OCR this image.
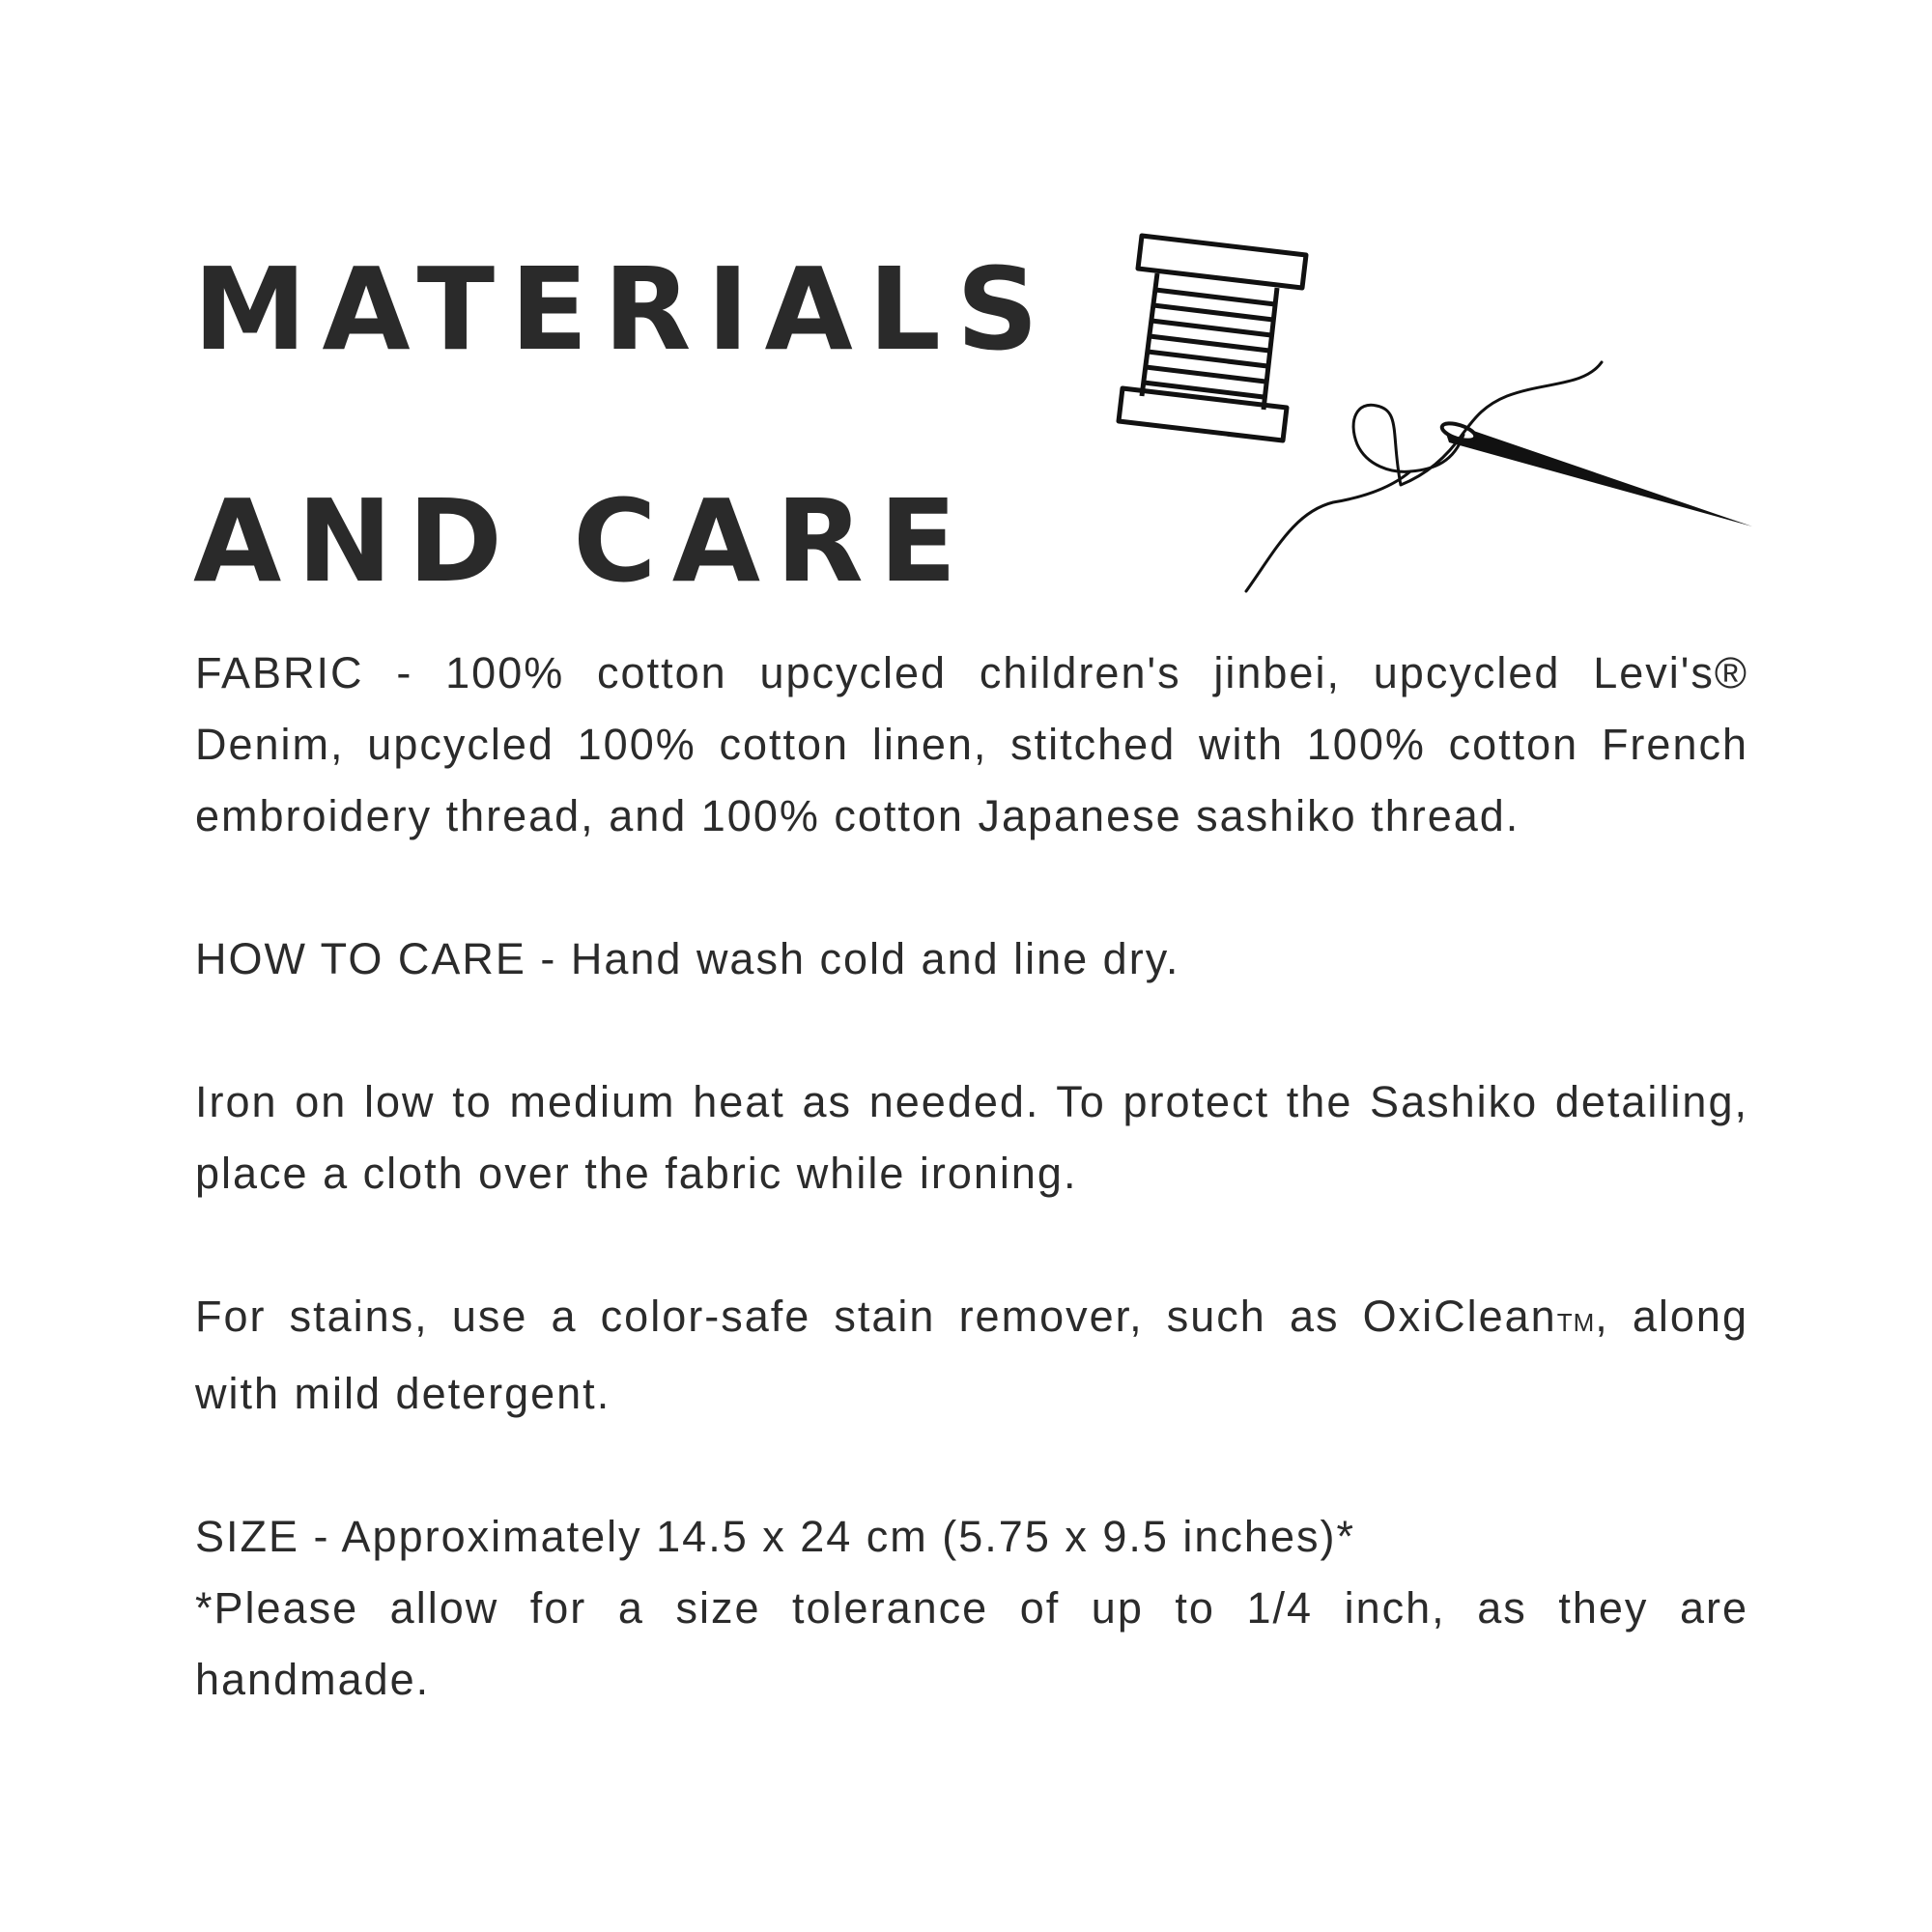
MATERIALS
AND CARE

FABRIC - 100% cotton upcycled children's jinbei, upcycled Levi's® Denim, upcycled 100% cotton linen, stitched with 100% cotton French embroidery thread, and 100% cotton Japanese sashiko thread.

HOW TO CARE - Hand wash cold and line dry.

Iron on low to medium heat as needed. To protect the Sashiko detailing, place a cloth over the fabric while ironing.

For stains, use a color-safe stain remover, such as OxiCleanTM, along with mild detergent.

SIZE - Approximately 14.5 x 24 cm (5.75 x 9.5 inches)*

*Please allow for a size tolerance of up to 1/4 inch, as they are handmade.
